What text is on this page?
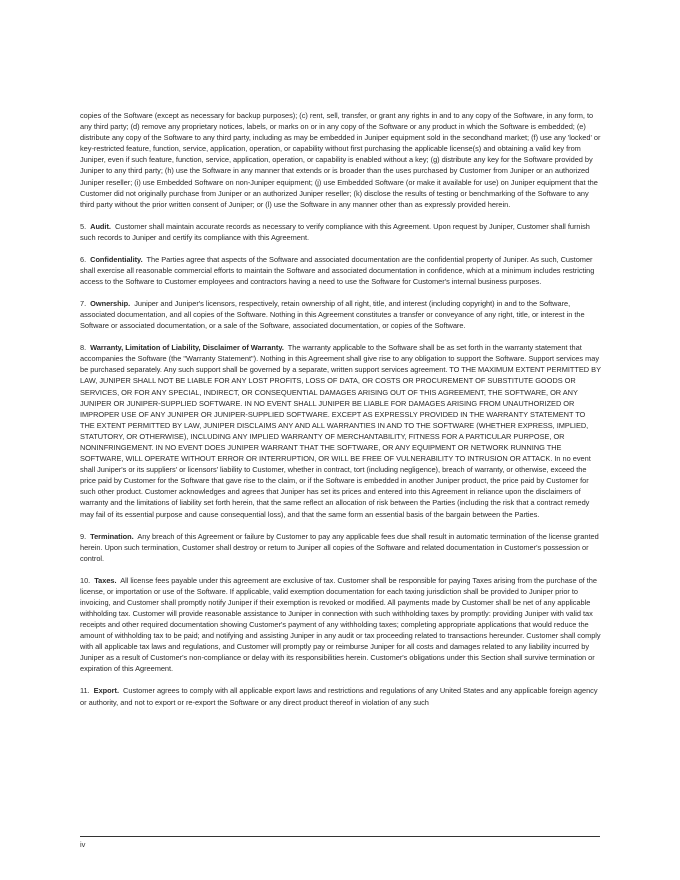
copies of the Software (except as necessary for backup purposes); (c) rent, sell, transfer, or grant any rights in and to any copy of the Software, in any form, to any third party; (d) remove any proprietary notices, labels, or marks on or in any copy of the Software or any product in which the Software is embedded; (e) distribute any copy of the Software to any third party, including as may be embedded in Juniper equipment sold in the secondhand market; (f) use any 'locked' or key-restricted feature, function, service, application, operation, or capability without first purchasing the applicable license(s) and obtaining a valid key from Juniper, even if such feature, function, service, application, operation, or capability is enabled without a key; (g) distribute any key for the Software provided by Juniper to any third party; (h) use the Software in any manner that extends or is broader than the uses purchased by Customer from Juniper or an authorized Juniper reseller; (i) use Embedded Software on non-Juniper equipment; (j) use Embedded Software (or make it available for use) on Juniper equipment that the Customer did not originally purchase from Juniper or an authorized Juniper reseller; (k) disclose the results of testing or benchmarking of the Software to any third party without the prior written consent of Juniper; or (l) use the Software in any manner other than as expressly provided herein.

5. Audit. Customer shall maintain accurate records as necessary to verify compliance with this Agreement. Upon request by Juniper, Customer shall furnish such records to Juniper and certify its compliance with this Agreement.

6. Confidentiality. The Parties agree that aspects of the Software and associated documentation are the confidential property of Juniper. As such, Customer shall exercise all reasonable commercial efforts to maintain the Software and associated documentation in confidence, which at a minimum includes restricting access to the Software to Customer employees and contractors having a need to use the Software for Customer's internal business purposes.

7. Ownership. Juniper and Juniper's licensors, respectively, retain ownership of all right, title, and interest (including copyright) in and to the Software, associated documentation, and all copies of the Software. Nothing in this Agreement constitutes a transfer or conveyance of any right, title, or interest in the Software or associated documentation, or a sale of the Software, associated documentation, or copies of the Software.

8. Warranty, Limitation of Liability, Disclaimer of Warranty. The warranty applicable to the Software shall be as set forth in the warranty statement that accompanies the Software (the "Warranty Statement"). Nothing in this Agreement shall give rise to any obligation to support the Software. Support services may be purchased separately. Any such support shall be governed by a separate, written support services agreement. TO THE MAXIMUM EXTENT PERMITTED BY LAW, JUNIPER SHALL NOT BE LIABLE FOR ANY LOST PROFITS, LOSS OF DATA, OR COSTS OR PROCUREMENT OF SUBSTITUTE GOODS OR SERVICES, OR FOR ANY SPECIAL, INDIRECT, OR CONSEQUENTIAL DAMAGES ARISING OUT OF THIS AGREEMENT, THE SOFTWARE, OR ANY JUNIPER OR JUNIPER-SUPPLIED SOFTWARE. IN NO EVENT SHALL JUNIPER BE LIABLE FOR DAMAGES ARISING FROM UNAUTHORIZED OR IMPROPER USE OF ANY JUNIPER OR JUNIPER-SUPPLIED SOFTWARE. EXCEPT AS EXPRESSLY PROVIDED IN THE WARRANTY STATEMENT TO THE EXTENT PERMITTED BY LAW, JUNIPER DISCLAIMS ANY AND ALL WARRANTIES IN AND TO THE SOFTWARE (WHETHER EXPRESS, IMPLIED, STATUTORY, OR OTHERWISE), INCLUDING ANY IMPLIED WARRANTY OF MERCHANTABILITY, FITNESS FOR A PARTICULAR PURPOSE, OR NONINFRINGEMENT. IN NO EVENT DOES JUNIPER WARRANT THAT THE SOFTWARE, OR ANY EQUIPMENT OR NETWORK RUNNING THE SOFTWARE, WILL OPERATE WITHOUT ERROR OR INTERRUPTION, OR WILL BE FREE OF VULNERABILITY TO INTRUSION OR ATTACK. In no event shall Juniper's or its suppliers' or licensors' liability to Customer, whether in contract, tort (including negligence), breach of warranty, or otherwise, exceed the price paid by Customer for the Software that gave rise to the claim, or if the Software is embedded in another Juniper product, the price paid by Customer for such other product. Customer acknowledges and agrees that Juniper has set its prices and entered into this Agreement in reliance upon the disclaimers of warranty and the limitations of liability set forth herein, that the same reflect an allocation of risk between the Parties (including the risk that a contract remedy may fail of its essential purpose and cause consequential loss), and that the same form an essential basis of the bargain between the Parties.

9. Termination. Any breach of this Agreement or failure by Customer to pay any applicable fees due shall result in automatic termination of the license granted herein. Upon such termination, Customer shall destroy or return to Juniper all copies of the Software and related documentation in Customer's possession or control.

10. Taxes. All license fees payable under this agreement are exclusive of tax. Customer shall be responsible for paying Taxes arising from the purchase of the license, or importation or use of the Software. If applicable, valid exemption documentation for each taxing jurisdiction shall be provided to Juniper prior to invoicing, and Customer shall promptly notify Juniper if their exemption is revoked or modified. All payments made by Customer shall be net of any applicable withholding tax. Customer will provide reasonable assistance to Juniper in connection with such withholding taxes by promptly: providing Juniper with valid tax receipts and other required documentation showing Customer's payment of any withholding taxes; completing appropriate applications that would reduce the amount of withholding tax to be paid; and notifying and assisting Juniper in any audit or tax proceeding related to transactions hereunder. Customer shall comply with all applicable tax laws and regulations, and Customer will promptly pay or reimburse Juniper for all costs and damages related to any liability incurred by Juniper as a result of Customer's non-compliance or delay with its responsibilities herein. Customer's obligations under this Section shall survive termination or expiration of this Agreement.

11. Export. Customer agrees to comply with all applicable export laws and restrictions and regulations of any United States and any applicable foreign agency or authority, and not to export or re-export the Software or any direct product thereof in violation of any such

iv
